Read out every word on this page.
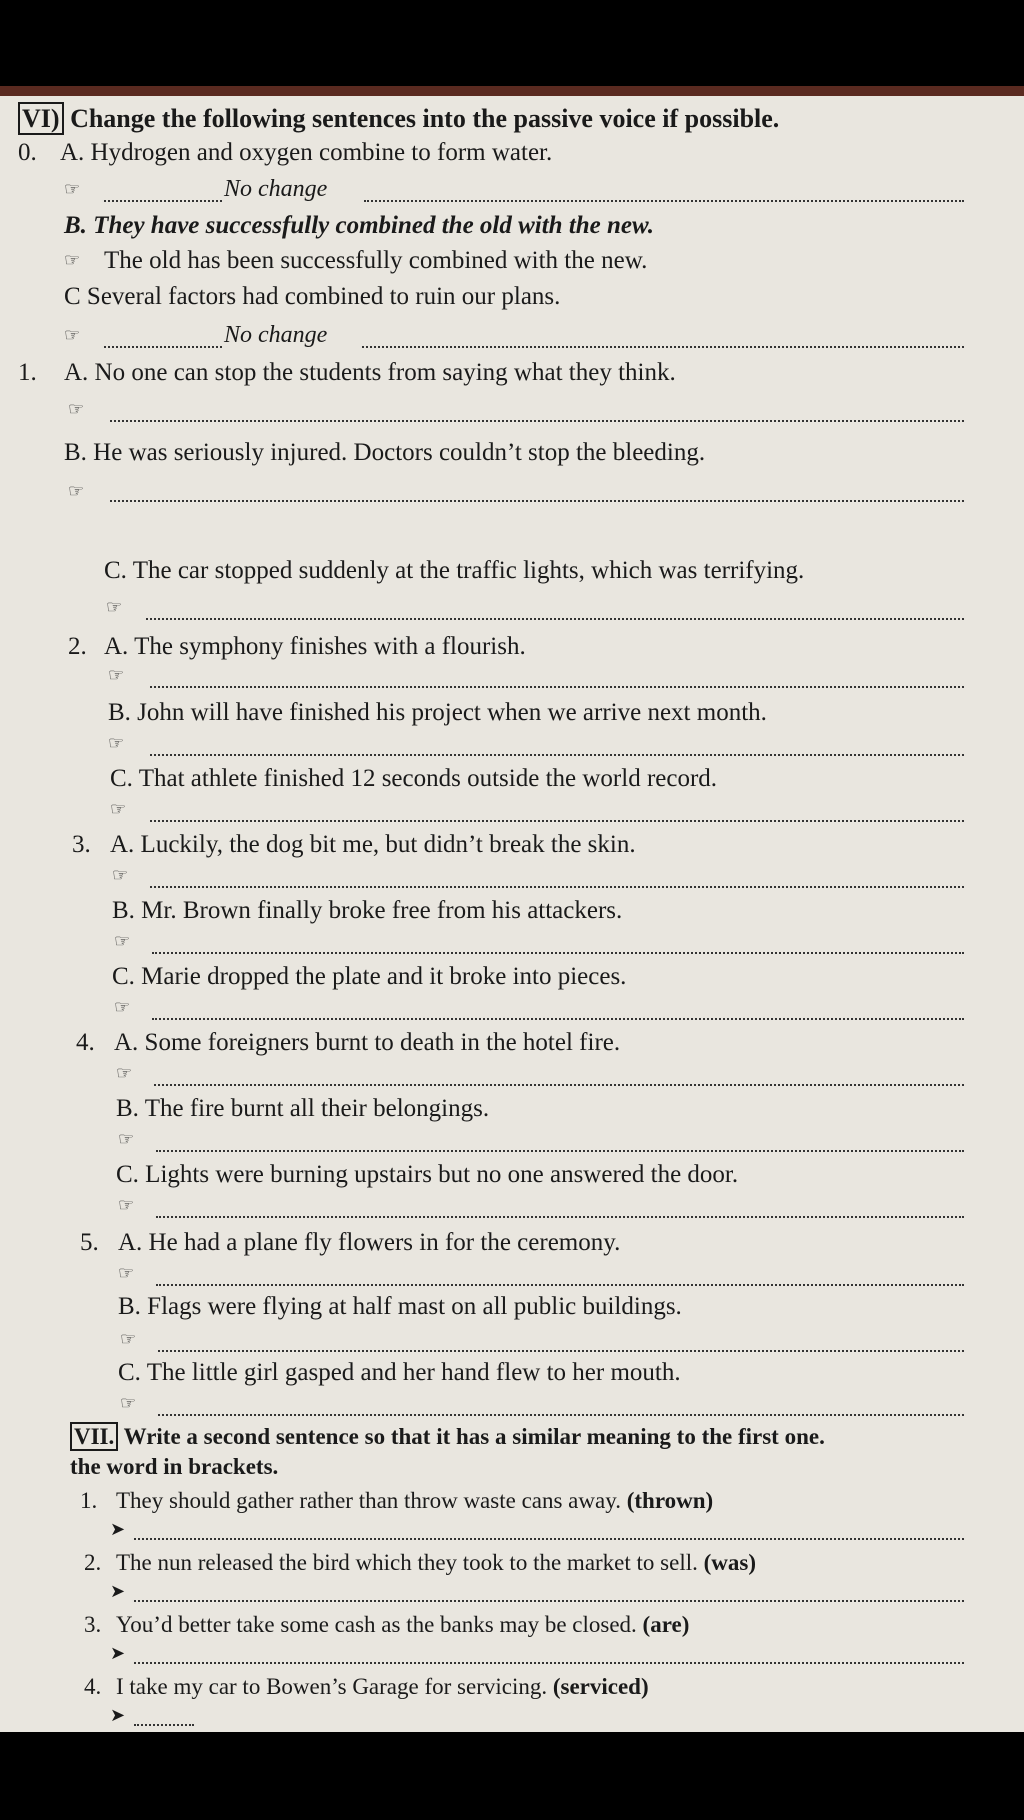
VI) Change the following sentences into the passive voice if possible.
0. A. Hydrogen and oxygen combine to form water.
☞	No change
B. They have successfully combined the old with the new.
☞ The old has been successfully combined with the new.
C Several factors had combined to ruin our plans.
☞	No change
1. A. No one can stop the students from saying what they think.
☞
B. He was seriously injured. Doctors couldn’t stop the bleeding.
☞
C. The car stopped suddenly at the traffic lights, which was terrifying.
☞
2. A. The symphony finishes with a flourish.
☞
B. John will have finished his project when we arrive next month.
☞
C. That athlete finished 12 seconds outside the world record.
☞
3. A. Luckily, the dog bit me, but didn’t break the skin.
☞
B. Mr. Brown finally broke free from his attackers.
☞
C. Marie dropped the plate and it broke into pieces.
☞
4. A. Some foreigners burnt to death in the hotel fire.
☞
B. The fire burnt all their belongings.
☞
C. Lights were burning upstairs but no one answered the door.
☞
5. A. He had a plane fly flowers in for the ceremony.
☞
B. Flags were flying at half mast on all public buildings.
☞
C. The little girl gasped and her hand flew to her mouth.
☞
VII. Write a second sentence so that it has a similar meaning to the first one.
the word in brackets.
1. They should gather rather than throw waste cans away. (thrown)
➤
2. The nun released the bird which they took to the market to sell. (was)
➤
3. You’d better take some cash as the banks may be closed. (are)
➤
4. I take my car to Bowen’s Garage for servicing. (serviced)
➤
